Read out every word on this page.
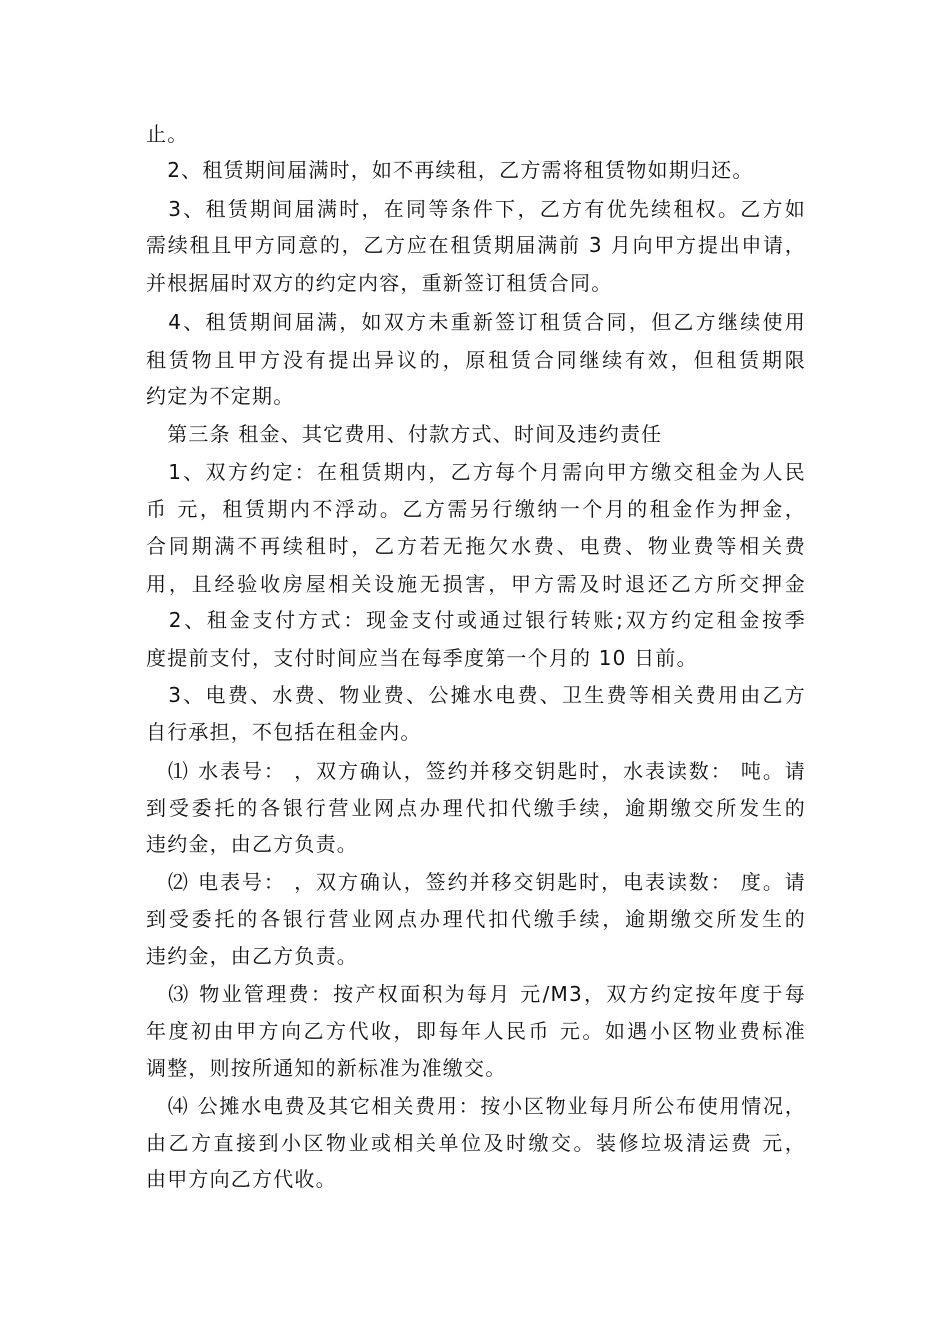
止。
　2、租赁期间届满时，如不再续租，乙方需将租赁物如期归还。
　3、租赁期间届满时，在同等条件下，乙方有优先续租权。乙方如
需续租且甲方同意的，乙方应在租赁期届满前 3 月向甲方提出申请，
并根据届时双方的约定内容，重新签订租赁合同。
　4、租赁期间届满，如双方未重新签订租赁合同，但乙方继续使用
租赁物且甲方没有提出异议的，原租赁合同继续有效，但租赁期限
约定为不定期。
　第三条 租金、其它费用、付款方式、时间及违约责任
　1、双方约定：在租赁期内，乙方每个月需向甲方缴交租金为人民
币 元，租赁期内不浮动。乙方需另行缴纳一个月的租金作为押金，
合同期满不再续租时，乙方若无拖欠水费、电费、物业费等相关费
用，且经验收房屋相关设施无损害，甲方需及时退还乙方所交押金
　2、租金支付方式：现金支付或通过银行转账;双方约定租金按季
度提前支付，支付时间应当在每季度第一个月的 10 日前。
　3、电费、水费、物业费、公摊水电费、卫生费等相关费用由乙方
自行承担，不包括在租金内。
　⑴ 水表号： ，双方确认，签约并移交钥匙时，水表读数： 吨。请
到受委托的各银行营业网点办理代扣代缴手续，逾期缴交所发生的
违约金，由乙方负责。
　⑵ 电表号： ，双方确认，签约并移交钥匙时，电表读数： 度。请
到受委托的各银行营业网点办理代扣代缴手续，逾期缴交所发生的
违约金，由乙方负责。
　⑶ 物业管理费：按产权面积为每月 元/M3，双方约定按年度于每
年度初由甲方向乙方代收，即每年人民币 元。如遇小区物业费标准
调整，则按所通知的新标准为准缴交。
　⑷ 公摊水电费及其它相关费用：按小区物业每月所公布使用情况，
由乙方直接到小区物业或相关单位及时缴交。装修垃圾清运费 元，
由甲方向乙方代收。
